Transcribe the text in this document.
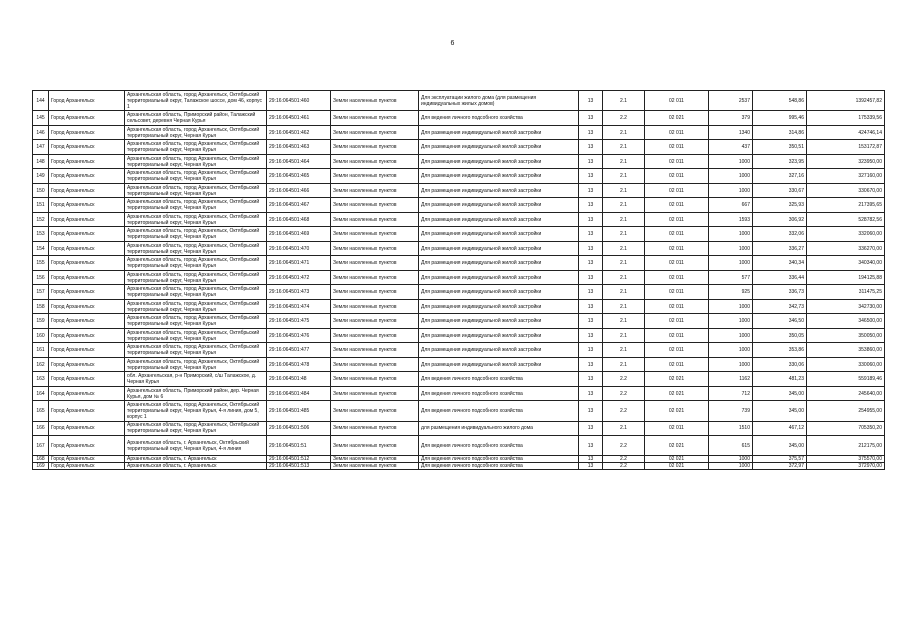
6
144	Город Архангельск	Архангельская область, город Архангельск, Октябрьский территориальный округ, Талажское шоссе, дом 46, корпус 1	29:16:064501:460	Земли населенных пунктов	Для эксплуатации жилого дома (для размещения индивидуальных жилых домов)	13	2.1	02 011	2537	548,86	1392457,82
145	Город Архангельск	Архангельская область, Приморский район, Талажский сельсовет, деревня Черная Курья	29:16:064501:461	Земли населенных пунктов	Для ведения личного подсобного хозяйства	13	2.2	02 021	379	995,46	175339,56
146	Город Архангельск	Архангельская область, город Архангельск, Октябрьский территориальный округ, Черная Курья	29:16:064501:462	Земли населенных пунктов	Для размещения индивидуальной жилой застройки	13	2.1	02 011	1340	314,86	424746,14
147	Город Архангельск	Архангельская область, город Архангельск, Октябрьский территориальный округ, Черная Курья	29:16:064501:463	Земли населенных пунктов	Для размещения индивидуальной жилой застройки	13	2.1	02 011	437	350,51	153172,87
148	Город Архангельск	Архангельская область, город Архангельск, Октябрьский территориальный округ, Черная Курья	29:16:064501:464	Земли населенных пунктов	Для размещения индивидуальной жилой застройки	13	2.1	02 011	1000	323,95	323950,00
149	Город Архангельск	Архангельская область, город Архангельск, Октябрьский территориальный округ, Черная Курья	29:16:064501:465	Земли населенных пунктов	Для размещения индивидуальной жилой застройки	13	2.1	02 011	1000	327,16	327160,00
150	Город Архангельск	Архангельская область, город Архангельск, Октябрьский территориальный округ, Черная Курья	29:16:064501:466	Земли населенных пунктов	Для размещения индивидуальной жилой застройки	13	2.1	02 011	1000	330,67	330670,00
151	Город Архангельск	Архангельская область, город Архангельск, Октябрьский территориальный округ, Черная Курья	29:16:064501:467	Земли населенных пунктов	Для размещения индивидуальной жилой застройки	13	2.1	02 011	667	325,93	217395,65
152	Город Архангельск	Архангельская область, город Архангельск, Октябрьский территориальный округ, Черная Курья	29:16:064501:468	Земли населенных пунктов	Для размещения индивидуальной жилой застройки	13	2.1	02 011	1593	306,92	528782,56
153	Город Архангельск	Архангельская область, город Архангельск, Октябрьский территориальный округ, Черная Курья	29:16:064501:469	Земли населенных пунктов	Для размещения индивидуальной жилой застройки	13	2.1	02 011	1000	332,06	332060,00
154	Город Архангельск	Архангельская область, город Архангельск, Октябрьский территориальный округ, Черная Курья	29:16:064501:470	Земли населенных пунктов	Для размещения индивидуальной жилой застройки	13	2.1	02 011	1000	336,27	336270,00
155	Город Архангельск	Архангельская область, город Архангельск, Октябрьский территориальный округ, Черная Курья	29:16:064501:471	Земли населенных пунктов	Для размещения индивидуальной жилой застройки	13	2.1	02 011	1000	340,34	340340,00
156	Город Архангельск	Архангельская область, город Архангельск, Октябрьский территориальный округ, Черная Курья	29:16:064501:472	Земли населенных пунктов	Для размещения индивидуальной жилой застройки	13	2.1	02 011	577	336,44	194125,88
157	Город Архангельск	Архангельская область, город Архангельск, Октябрьский территориальный округ, Черная Курья	29:16:064501:473	Земли населенных пунктов	Для размещения индивидуальной жилой застройки	13	2.1	02 011	925	336,73	311475,25
158	Город Архангельск	Архангельская область, город Архангельск, Октябрьский территориальный округ, Черная Курья	29:16:064501:474	Земли населенных пунктов	Для размещения индивидуальной жилой застройки	13	2.1	02 011	1000	342,73	342730,00
159	Город Архангельск	Архангельская область, город Архангельск, Октябрьский территориальный округ, Черная Курья	29:16:064501:475	Земли населенных пунктов	Для размещения индивидуальной жилой застройки	13	2.1	02 011	1000	346,50	346500,00
160	Город Архангельск	Архангельская область, город Архангельск, Октябрьский территориальный округ, Черная Курья	29:16:064501:476	Земли населенных пунктов	Для размещения индивидуальной жилой застройки	13	2.1	02 011	1000	350,05	350050,00
161	Город Архангельск	Архангельская область, город Архангельск, Октябрьский территориальный округ, Черная Курья	29:16:064501:477	Земли населенных пунктов	Для размещения индивидуальной жилой застройки	13	2.1	02 011	1000	353,86	353860,00
162	Город Архангельск	Архангельская область, город Архангельск, Октябрьский территориальный округ, Черная Курья	29:16:064501:478	Земли населенных пунктов	Для размещения индивидуальной жилой застройки	13	2.1	02 011	1000	330,06	330060,00
163	Город Архангельск	обл. Архангельская, р-н Приморский, с/ш Талажское, д. Черная Курья	29:16:064501:48	Земли населенных пунктов	Для ведения личного подсобного хозяйства	13	2.2	02 021	1162	481,23	559189,46
164	Город Архангельск	Архангельская область, Приморский район, дер. Черная Курья, дом № 6	29:16:064501:484	Земли населенных пунктов	Для ведения личного подсобного хозяйства	13	2.2	02 021	712	345,00	245640,00
165	Город Архангельск	Архангельская область, город Архангельск, Октябрьский территориальный округ, Черная Курья, 4-я линия, дом 5, корпус 1	29:16:064501:485	Земли населенных пунктов	Для ведения личного подсобного хозяйства	13	2.2	02 021	739	345,00	254955,00
166	Город Архангельск	Архангельская область, город Архангельск, Октябрьский территориальный округ, Черная Курья	29:16:064501:506	Земли населенных пунктов	для размещения индивидуального жилого дома	13	2.1	02 011	1510	467,12	705350,20
167	Город Архангельск	Архангельская область, г. Архангельск, Октябрьский территориальный округ, Черная Курья, 4-я линия	29:16:064501:51	Земли населенных пунктов	Для ведения личного подсобного хозяйства	13	2.2	02 021	615	345,00	212175,00
168	Город Архангельск	Архангельская область, г. Архангельск	29:16:064501:512	Земли населенных пунктов	Для ведения личного подсобного хозяйства	13	2.2	02 021	1000	375,57	375570,00
169	Город Архангельск	Архангельская область, г. Архангельск	29:16:064501:513	Земли населенных пунктов	Для ведения личного подсобного хозяйства	13	2.2	02 021	1000	372,97	372970,00
